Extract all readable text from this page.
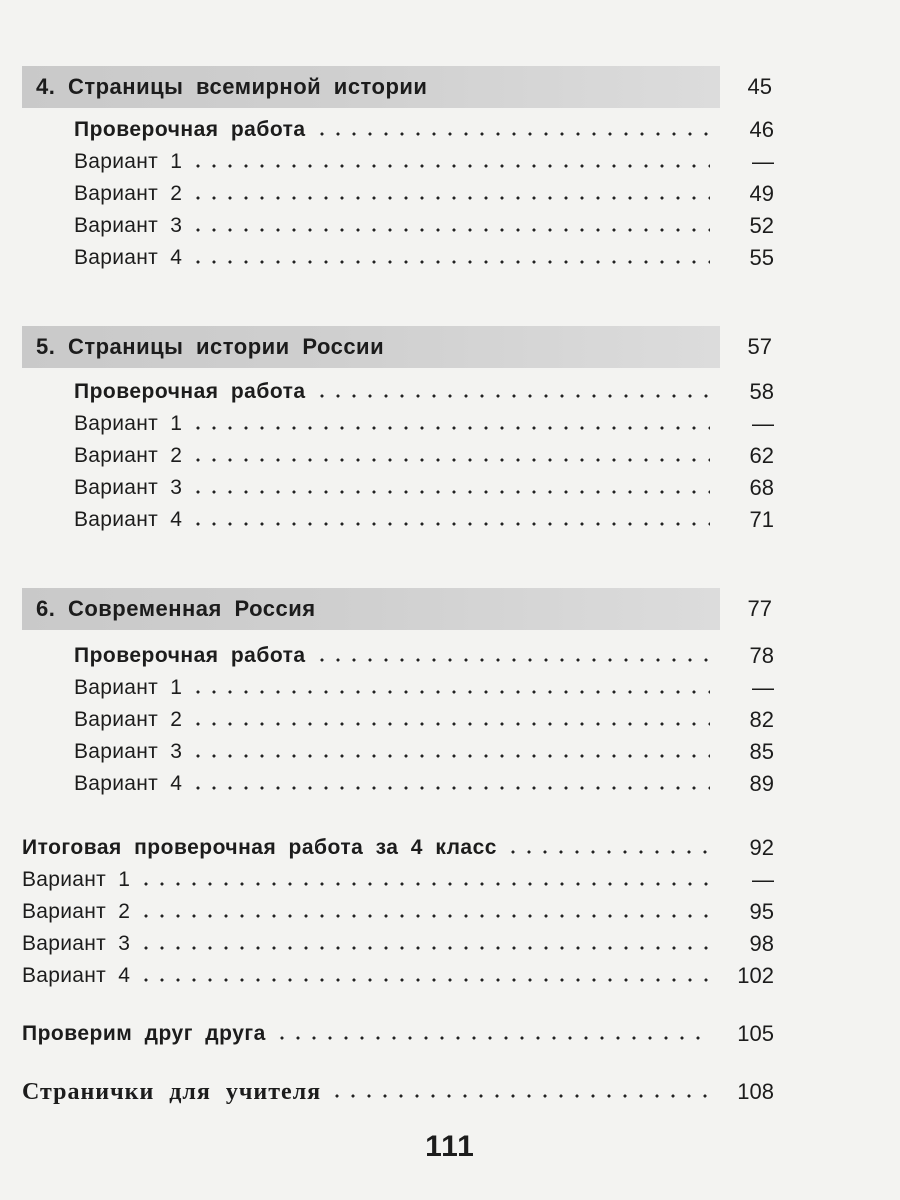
4. Страницы всемирной истории	45
Проверочная работа	46
Вариант 1	—
Вариант 2	49
Вариант 3	52
Вариант 4	55
5. Страницы истории России	57
Проверочная работа	58
Вариант 1	—
Вариант 2	62
Вариант 3	68
Вариант 4	71
6. Современная Россия	77
Проверочная работа	78
Вариант 1	—
Вариант 2	82
Вариант 3	85
Вариант 4	89
Итоговая проверочная работа за 4 класс	92
Вариант 1	—
Вариант 2	95
Вариант 3	98
Вариант 4	102
Проверим друг друга	105
Странички для учителя	108
111
